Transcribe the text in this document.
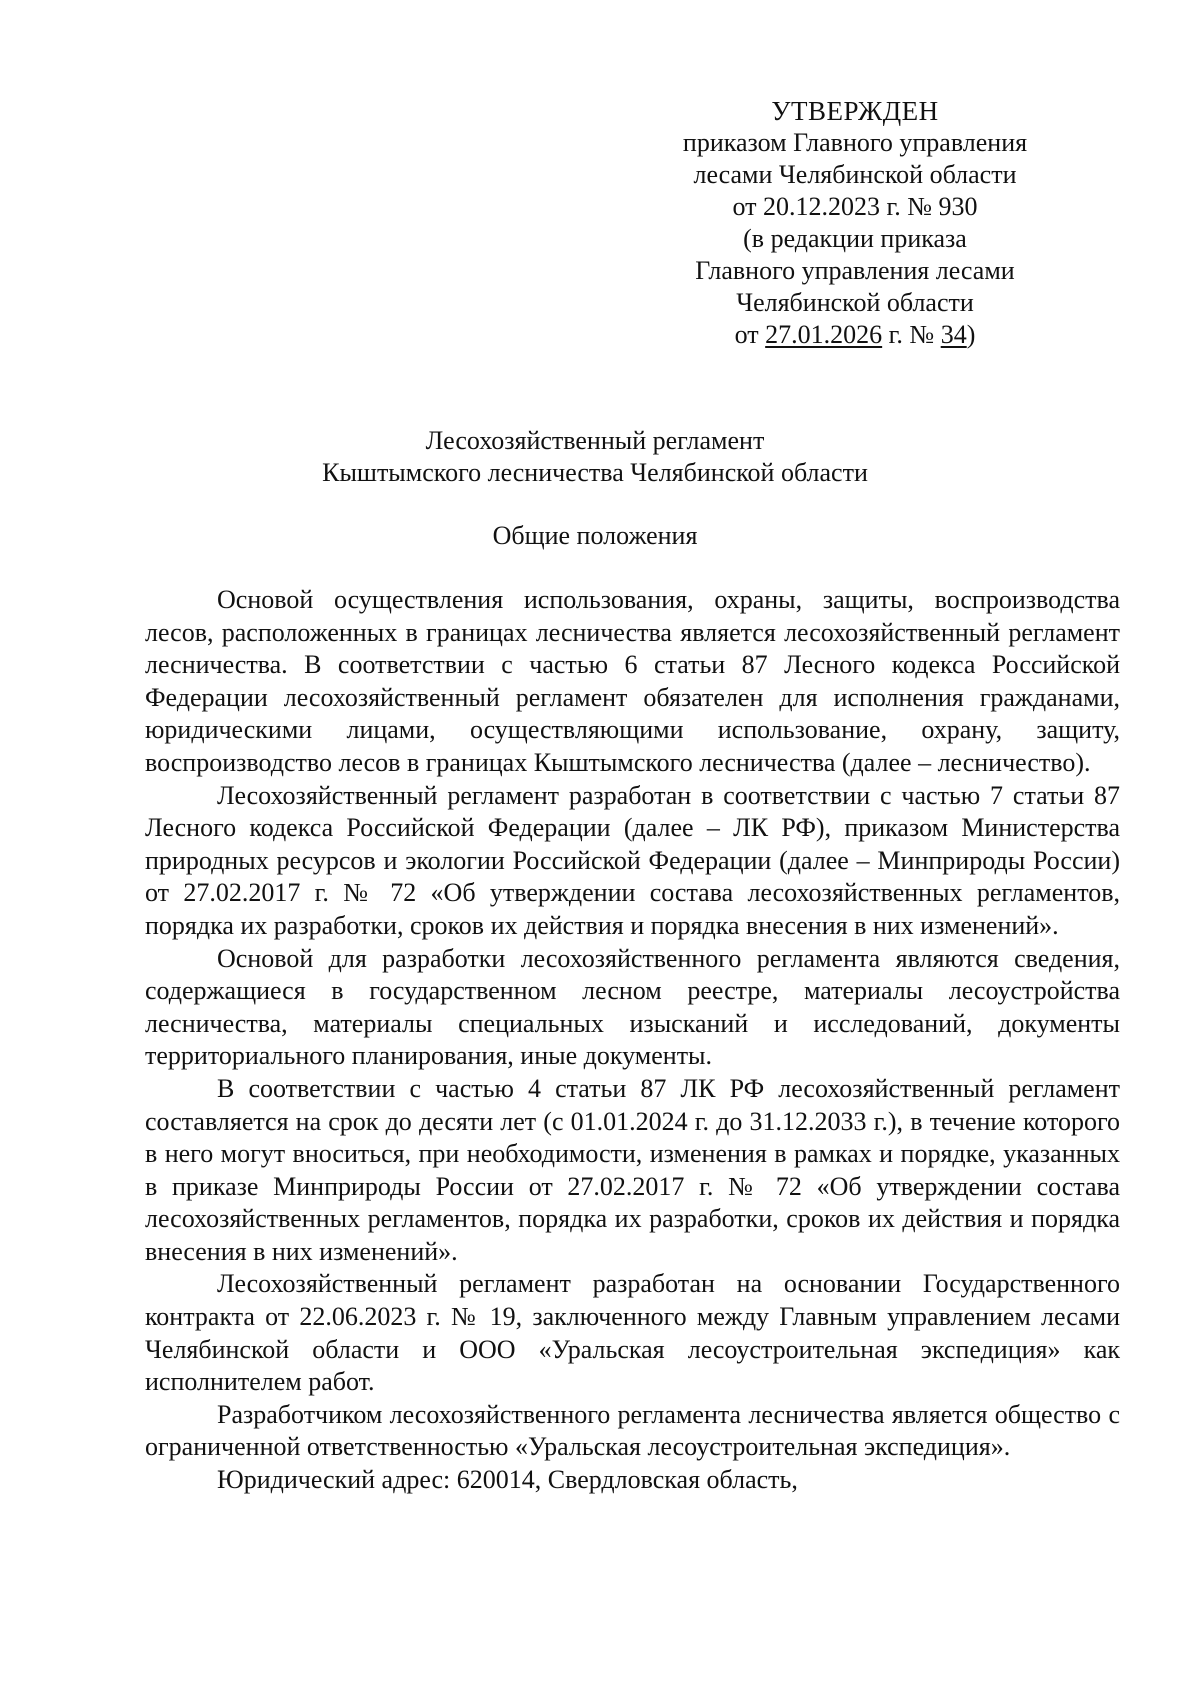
УТВЕРЖДЕН
приказом Главного управления
лесами Челябинской области
от 20.12.2023 г. № 930
(в редакции приказа
Главного управления лесами
Челябинской области
от 27.01.2026 г. № 34)
Лесохозяйственный регламент
Кыштымского лесничества Челябинской области
Общие положения

Основой осуществления использования, охраны, защиты, воспроизводства лесов, расположенных в границах лесничества является лесохозяйственный регламент лесничества. В соответствии с частью 6 статьи 87 Лесного кодекса Российской Федерации лесохозяйственный регламент обязателен для исполнения гражданами, юридическими лицами, осуществляющими использование, охрану, защиту, воспроизводство лесов в границах Кыштымского лесничества (далее – лесничество).

Лесохозяйственный регламент разработан в соответствии с частью 7 статьи 87 Лесного кодекса Российской Федерации (далее – ЛК РФ), приказом Министерства природных ресурсов и экологии Российской Федерации (далее – Минприроды России) от 27.02.2017 г. № 72 «Об утверждении состава лесохозяйственных регламентов, порядка их разработки, сроков их действия и порядка внесения в них изменений».

Основой для разработки лесохозяйственного регламента являются сведения, содержащиеся в государственном лесном реестре, материалы лесоустройства лесничества, материалы специальных изысканий и исследований, документы территориального планирования, иные документы.

В соответствии с частью 4 статьи 87 ЛК РФ лесохозяйственный регламент составляется на срок до десяти лет (с 01.01.2024 г. до 31.12.2033 г.), в течение которого в него могут вноситься, при необходимости, изменения в рамках и порядке, указанных в приказе Минприроды России от 27.02.2017 г. № 72 «Об утверждении состава лесохозяйственных регламентов, порядка их разработки, сроков их действия и порядка внесения в них изменений».

Лесохозяйственный регламент разработан на основании Государственного контракта от 22.06.2023 г. № 19, заключенного между Главным управлением лесами Челябинской области и ООО «Уральская лесоустроительная экспедиция» как исполнителем работ.

Разработчиком лесохозяйственного регламента лесничества является общество с ограниченной ответственностью «Уральская лесоустроительная экспедиция».

Юридический адрес: 620014, Свердловская область,
